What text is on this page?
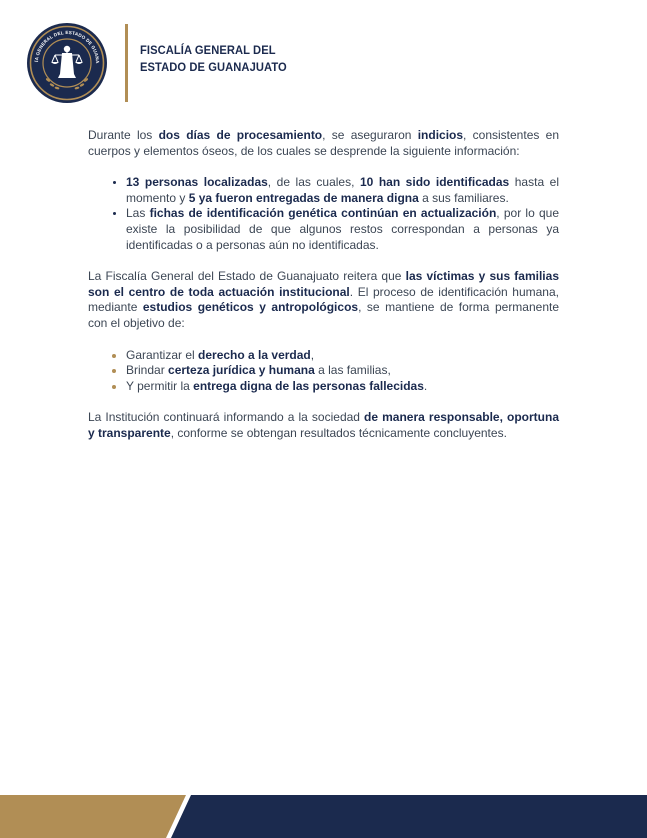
ÍA GENERAL DEL ESTADO DE GUANA
FISCALÍA GENERAL DEL
ESTADO DE GUANAJUATO

Durante los dos días de procesamiento, se aseguraron indicios, consistentes en cuerpos y elementos óseos, de los cuales se desprende la siguiente información:

• 13 personas localizadas, de las cuales, 10 han sido identificadas hasta el momento y 5 ya fueron entregadas de manera digna a sus familiares.
• Las fichas de identificación genética continúan en actualización, por lo que existe la posibilidad de que algunos restos correspondan a personas ya identificadas o a personas aún no identificadas.

La Fiscalía General del Estado de Guanajuato reitera que las víctimas y sus familias son el centro de toda actuación institucional. El proceso de identificación humana, mediante estudios genéticos y antropológicos, se mantiene de forma permanente con el objetivo de:

• Garantizar el derecho a la verdad,
• Brindar certeza jurídica y humana a las familias,
• Y permitir la entrega digna de las personas fallecidas.

La Institución continuará informando a la sociedad de manera responsable, oportuna y transparente, conforme se obtengan resultados técnicamente concluyentes.
